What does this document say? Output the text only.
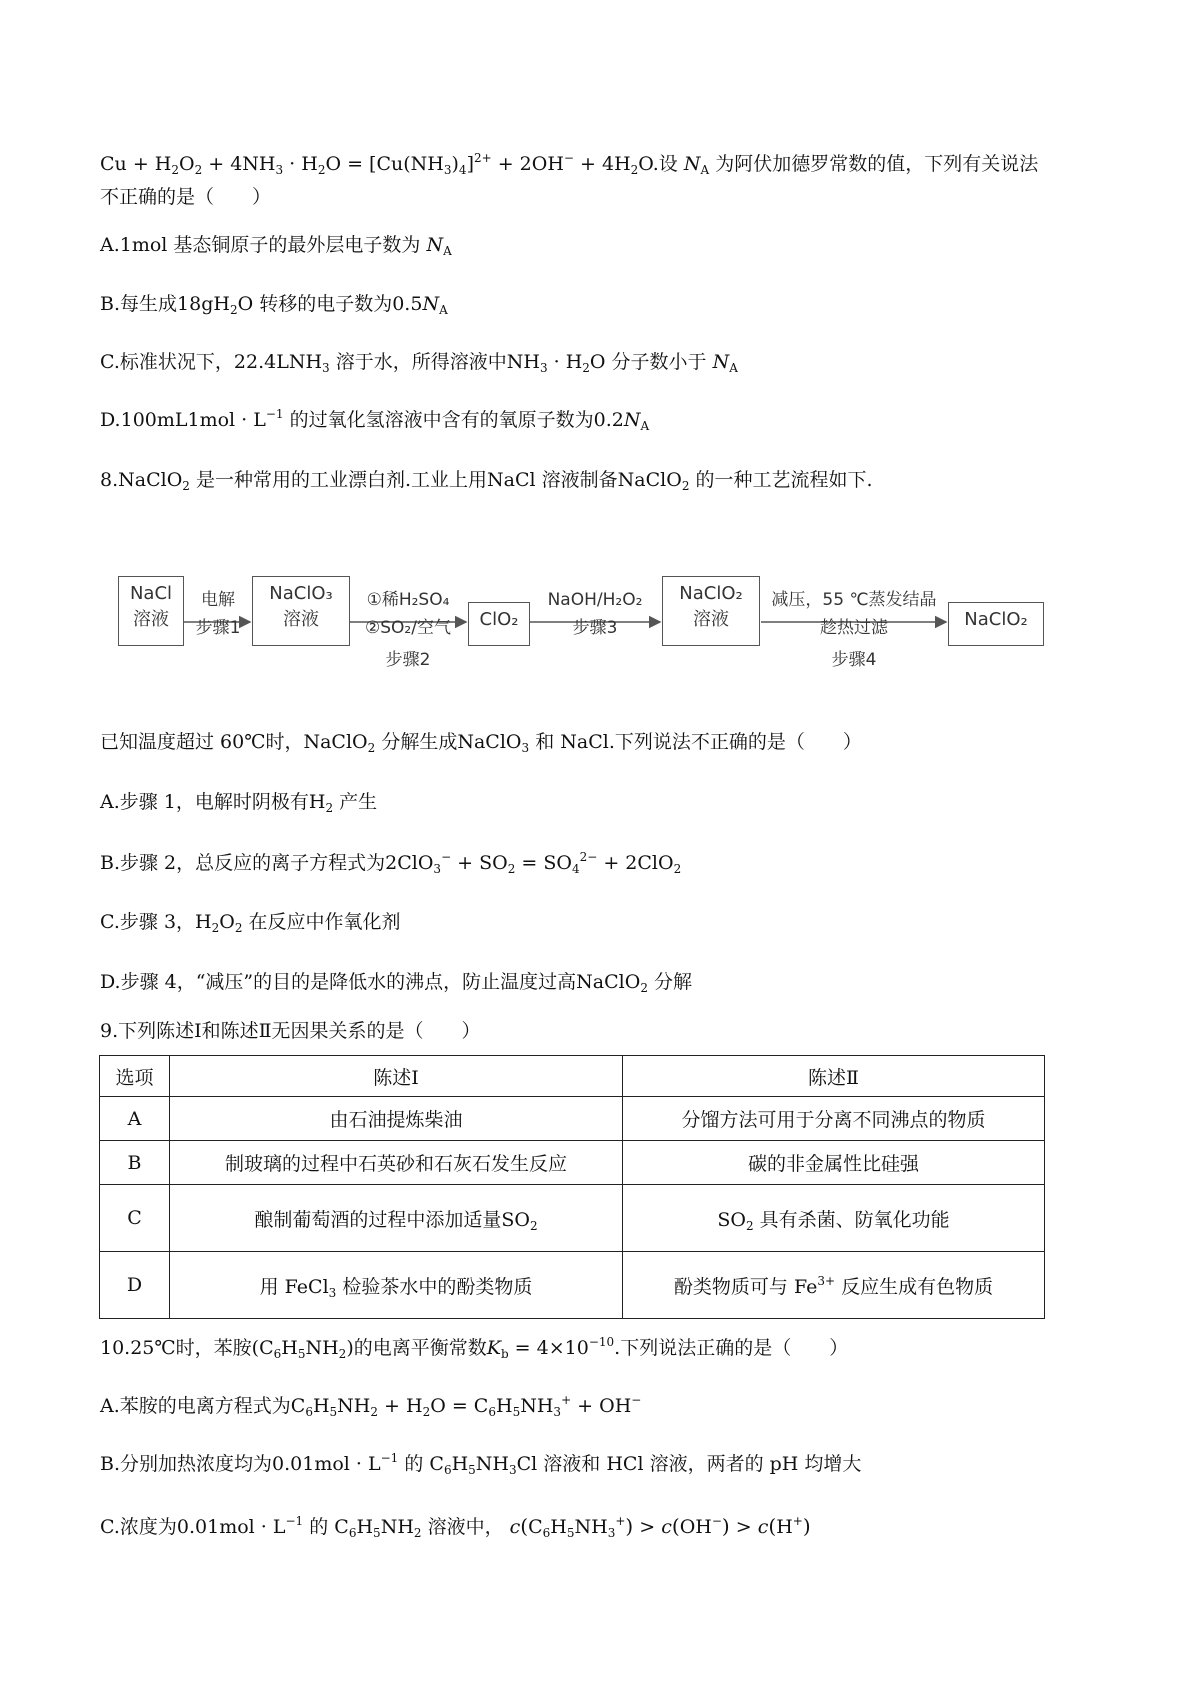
$Cu + H_2O_2 + 4NH_3 \cdot H_2O = [Cu(NH_3)_4]^{2+} + 2OH^- + 4H_2O$.设 $N_A$ 为阿伏加德罗常数的值，下列有关说法
不正确的是（　　）
A.1mol 基态铜原子的最外层电子数为 $N_A$
B.每生成$18gH_2O$ 转移的电子数为$0.5N_A$
C.标准状况下，$22.4LNH_3$ 溶于水，所得溶液中$NH_3 \cdot H_2O$ 分子数小于 $N_A$
$D.100mL1mol \cdot L^{-1}$ 的过氧化氢溶液中含有的氧原子数为$0.2N_A$
8.NaClO$_2$ 是一种常用的工业漂白剂.工业上用NaCl 溶液制备NaClO$_2$ 的一种工艺流程如下.
NaCl
溶液
电解
步骤1
NaClO₃
溶液
①稀H₂SO₄
②SO₂/空气
步骤2
ClO₂
NaOH/H₂O₂
步骤3
NaClO₂
溶液
减压，55 ℃蒸发结晶
趁热过滤
步骤4
NaClO₂
已知温度超过 60℃时，NaClO$_2$ 分解生成NaClO$_3$ 和 NaCl.下列说法不正确的是（　　）
A.步骤 1，电解时阴极有$H_2$ 产生
B.步骤 2，总反应的离子方程式为$2ClO_3^- + SO_2 = SO_4^{2-} + 2ClO_2$
C.步骤 3，$H_2O_2$ 在反应中作氧化剂
D.步骤 4，“减压”的目的是降低水的沸点，防止温度过高NaClO$_2$ 分解
9.下列陈述Ⅰ和陈述Ⅱ无因果关系的是（　　）
选项	陈述Ⅰ	陈述Ⅱ
A	由石油提炼柴油	分馏方法可用于分离不同沸点的物质
B	制玻璃的过程中石英砂和石灰石发生反应	碳的非金属性比硅强
C	酿制葡萄酒的过程中添加适量$SO_2$	$SO_2$ 具有杀菌、防氧化功能
D	用 FeCl$_3$ 检验茶水中的酚类物质	酚类物质可与 $Fe^{3+}$ 反应生成有色物质
10.25℃时，苯胺$(C_6H_5NH_2)$的电离平衡常数$K_b = 4\times 10^{-10}$.下列说法正确的是（　　）
A.苯胺的电离方程式为$C_6H_5NH_2 + H_2O = C_6H_5NH_3^+ + OH^-$
B.分别加热浓度均为$0.01mol \cdot L^{-1}$ 的 $C_6H_5NH_3Cl$ 溶液和 HCl 溶液，两者的 pH 均增大
C.浓度为$0.01mol \cdot L^{-1}$ 的 $C_6H_5NH_2$ 溶液中， $c(C_6H_5NH_3^+) > c(OH^-) > c(H^+)$
